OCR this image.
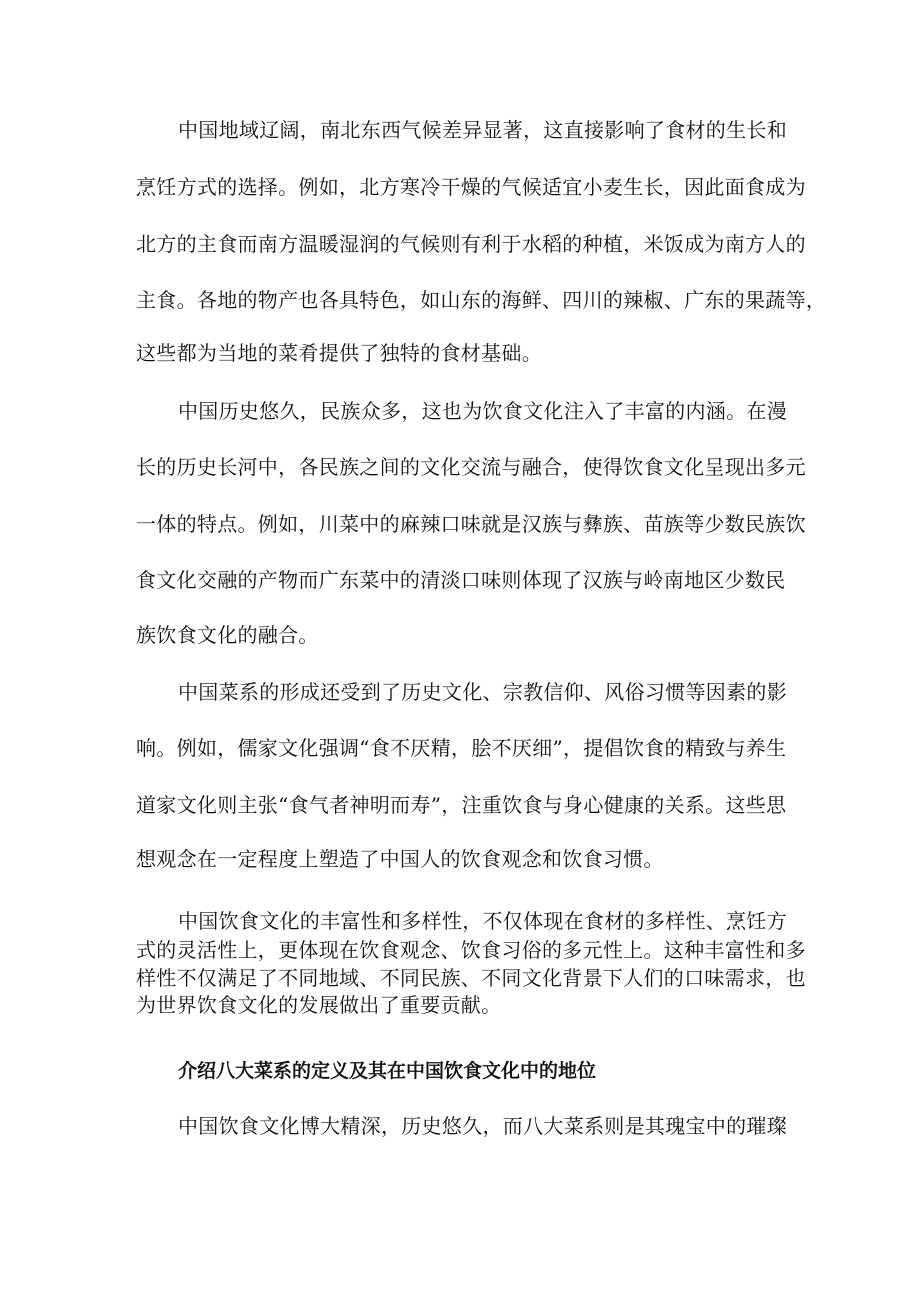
中国地域辽阔，南北东西气候差异显著，这直接影响了食材的生长和
烹饪方式的选择。例如，北方寒冷干燥的气候适宜小麦生长，因此面食成为
北方的主食而南方温暖湿润的气候则有利于水稻的种植，米饭成为南方人的
主食。各地的物产也各具特色，如山东的海鲜、四川的辣椒、广东的果蔬等，
这些都为当地的菜肴提供了独特的食材基础。
中国历史悠久，民族众多，这也为饮食文化注入了丰富的内涵。在漫
长的历史长河中，各民族之间的文化交流与融合，使得饮食文化呈现出多元
一体的特点。例如，川菜中的麻辣口味就是汉族与彝族、苗族等少数民族饮
食文化交融的产物而广东菜中的清淡口味则体现了汉族与岭南地区少数民
族饮食文化的融合。
中国菜系的形成还受到了历史文化、宗教信仰、风俗习惯等因素的影
响。例如，儒家文化强调“食不厌精，脍不厌细”，提倡饮食的精致与养生
道家文化则主张“食气者神明而寿”，注重饮食与身心健康的关系。这些思
想观念在一定程度上塑造了中国人的饮食观念和饮食习惯。
中国饮食文化的丰富性和多样性，不仅体现在食材的多样性、烹饪方
式的灵活性上，更体现在饮食观念、饮食习俗的多元性上。这种丰富性和多
样性不仅满足了不同地域、不同民族、不同文化背景下人们的口味需求，也
为世界饮食文化的发展做出了重要贡献。
介绍八大菜系的定义及其在中国饮食文化中的地位
中国饮食文化博大精深，历史悠久，而八大菜系则是其瑰宝中的璀璨
